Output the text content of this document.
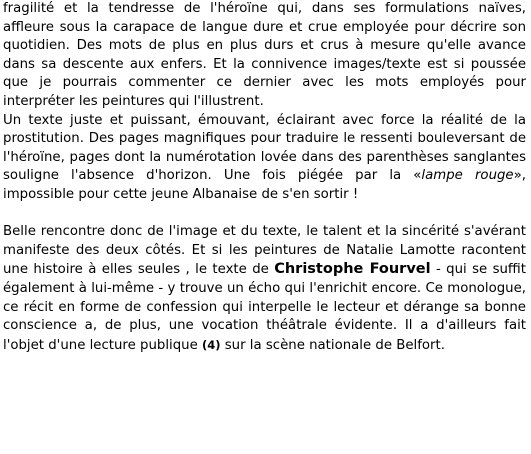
fragilité et la tendresse de l'héroïne qui, dans ses formulations naïves, affleure sous la carapace de langue dure et crue employée pour décrire son quotidien. Des mots de plus en plus durs et crus à mesure qu'elle avance dans sa descente aux enfers. Et la connivence images/texte est si poussée que je pourrais commenter ce dernier avec les mots employés pour interpréter les peintures qui l'illustrent.

Un texte juste et puissant, émouvant, éclairant avec force la réalité de la prostitution. Des pages magnifiques pour traduire le ressenti bouleversant de l'héroïne, pages dont la numérotation lovée dans des parenthèses sanglantes souligne l'absence d'horizon. Une fois piégée par la «lampe rouge», impossible pour cette jeune Albanaise de s'en sortir !

Belle rencontre donc de l'image et du texte, le talent et la sincérité s'avérant manifeste des deux côtés. Et si les peintures de Natalie Lamotte racontent une histoire à elles seules , le texte de Christophe Fourvel - qui se suffit également à lui-même - y trouve un écho qui l'enrichit encore. Ce monologue, ce récit en forme de confession qui interpelle le lecteur et dérange sa bonne conscience a, de plus, une vocation théâtrale évidente. Il a d'ailleurs fait l'objet d'une lecture publique (4) sur la scène nationale de Belfort.
